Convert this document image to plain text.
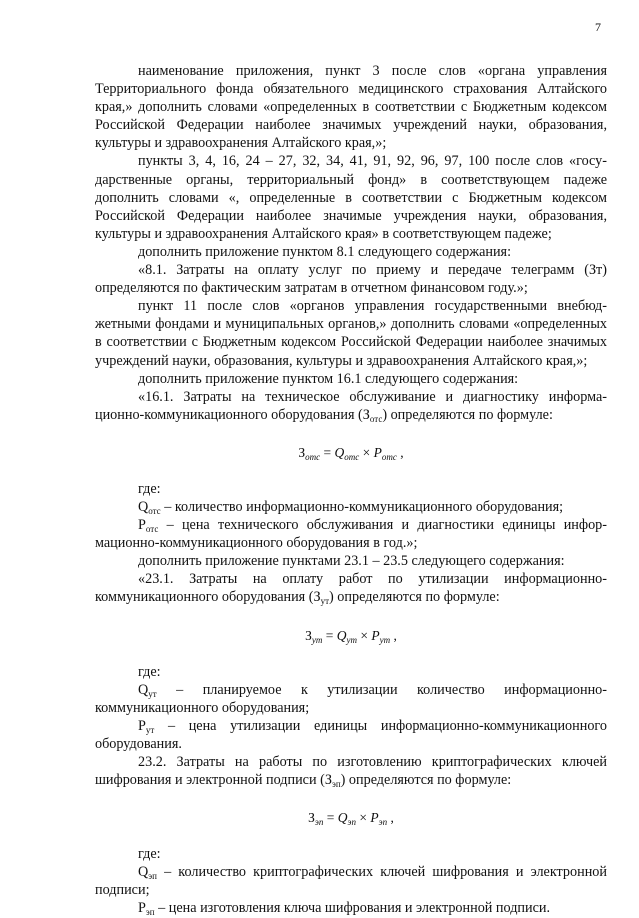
7

наименование приложения, пункт 3 после слов «органа управления Территориального фонда обязательного медицинского страхования Алтайского края,» дополнить словами «определенных в соответствии с Бюджетным кодексом Российской Федерации наиболее значимых учреждений науки, образования, культуры и здравоохранения Алтайского края,»;

пункты 3, 4, 16, 24 – 27, 32, 34, 41, 91, 92, 96, 97, 100 после слов «государственные органы, территориальный фонд» в соответствующем падеже дополнить словами «, определенные в соответствии с Бюджетным кодексом Российской Федерации наиболее значимые учреждения науки, образования, культуры и здравоохранения Алтайского края» в соответствующем падеже;

дополнить приложение пунктом 8.1 следующего содержания:

«8.1. Затраты на оплату услуг по приему и передаче телеграмм (Зт) определяются по фактическим затратам в отчетном финансовом году.»;

пункт 11 после слов «органов управления государственными внебюджетными фондами и муниципальных органов,» дополнить словами «определенных в соответствии с Бюджетным кодексом Российской Федерации наиболее значимых учреждений науки, образования, культуры и здравоохранения Алтайского края,»;

дополнить приложение пунктом 16.1 следующего содержания:

«16.1. Затраты на техническое обслуживание и диагностику информационно-коммуникационного оборудования $(З_{отс})$ определяются по формуле:

$З_{отс} = Q_{отс} \times P_{отс}$ ,

где:

$Q_{отс}$ – количество информационно-коммуникационного оборудования;

$Р_{отс}$ – цена технического обслуживания и диагностики единицы информационно-коммуникационного оборудования в год.»;

дополнить приложение пунктами 23.1 – 23.5 следующего содержания:

«23.1. Затраты на оплату работ по утилизации информационно-коммуникационного оборудования $(З_{ут})$ определяются по формуле:

$З_{ут} = Q_{ут} \times P_{ут}$ ,

где:

$Q_{ут}$ – планируемое к утилизации количество информационно-коммуникационного оборудования;

$Р_{ут}$ – цена утилизации единицы информационно-коммуникационного оборудования.

23.2. Затраты на работы по изготовлению криптографических ключей шифрования и электронной подписи $(З_{эп})$ определяются по формуле:

$З_{эп} = Q_{эп} \times P_{эп}$ ,

где:

$Q_{эп}$ – количество криптографических ключей шифрования и электронной подписи;

$Р_{эп}$ – цена изготовления ключа шифрования и электронной подписи.
